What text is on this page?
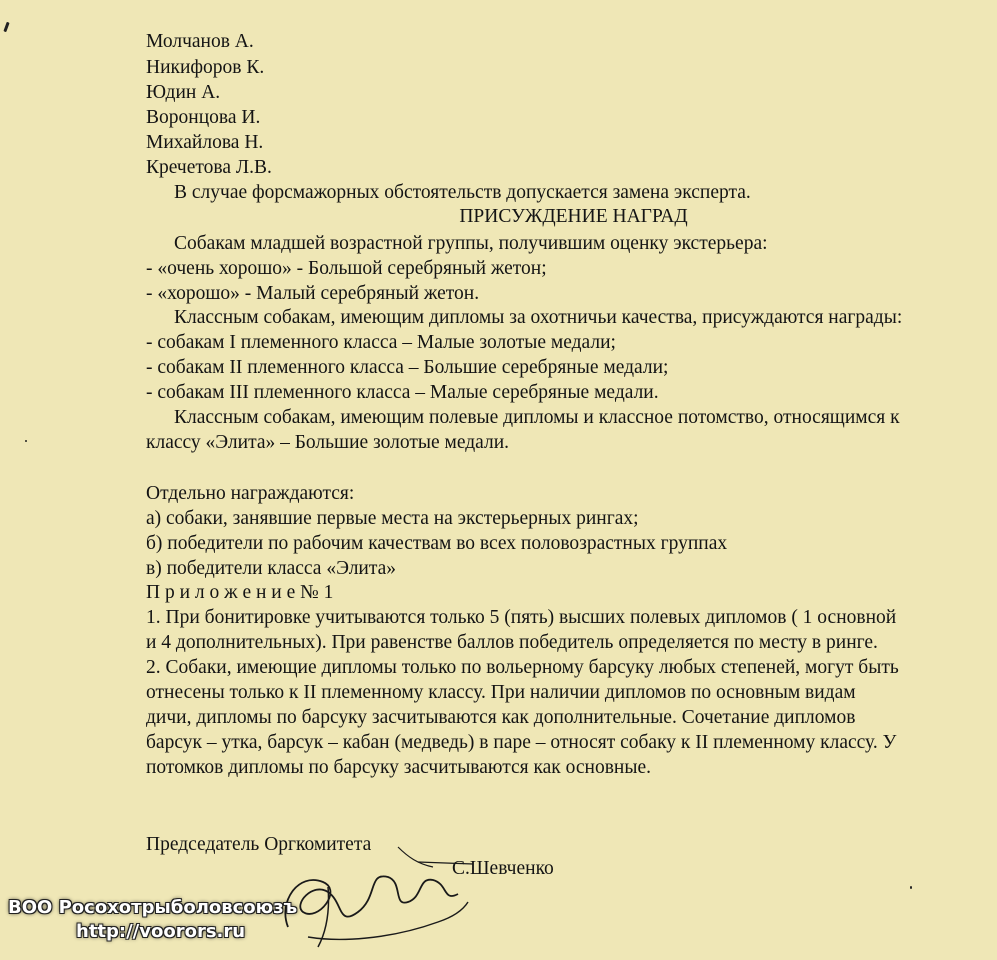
Молчанов А.
Никифоров К.
Юдин А.
Воронцова И.
Михайлова Н.
Кречетова Л.В.
В случае форсмажорных обстоятельств допускается замена эксперта.
ПРИСУЖДЕНИЕ НАГРАД
Собакам младшей возрастной группы, получившим оценку экстерьера:
- «очень хорошо» - Большой серебряный жетон;
- «хорошо» - Малый серебряный жетон.
Классным собакам, имеющим дипломы за охотничьи качества, присуждаются награды:
- собакам I племенного класса – Малые золотые медали;
- собакам II племенного класса – Большие серебряные медали;
- собакам III племенного класса – Малые серебряные медали.
Классным собакам, имеющим полевые дипломы и классное потомство, относящимся к
классу «Элита» – Большие золотые медали.
Отдельно награждаются:
а) собаки, занявшие первые места на экстерьерных рингах;
б) победители по рабочим качествам во всех половозрастных группах
в) победители класса «Элита»
П р и л о ж е н и е № 1
1. При бонитировке учитываются только 5 (пять) высших полевых дипломов ( 1 основной
и 4 дополнительных). При равенстве баллов победитель определяется по месту в ринге.
2. Собаки, имеющие дипломы только по вольерному барсуку любых степеней, могут быть
отнесены только к II племенному классу. При наличии дипломов по основным видам
дичи, дипломы по барсуку засчитываются как дополнительные. Сочетание дипломов
барсук – утка, барсук – кабан (медведь) в паре – относят собаку к II племенному классу. У
потомков дипломы по барсуку засчитываются как основные.
Председатель Оргкомитета
С.Шевченко
ВОО Росохотрыболовсоюзъ
http://voorors.ru
